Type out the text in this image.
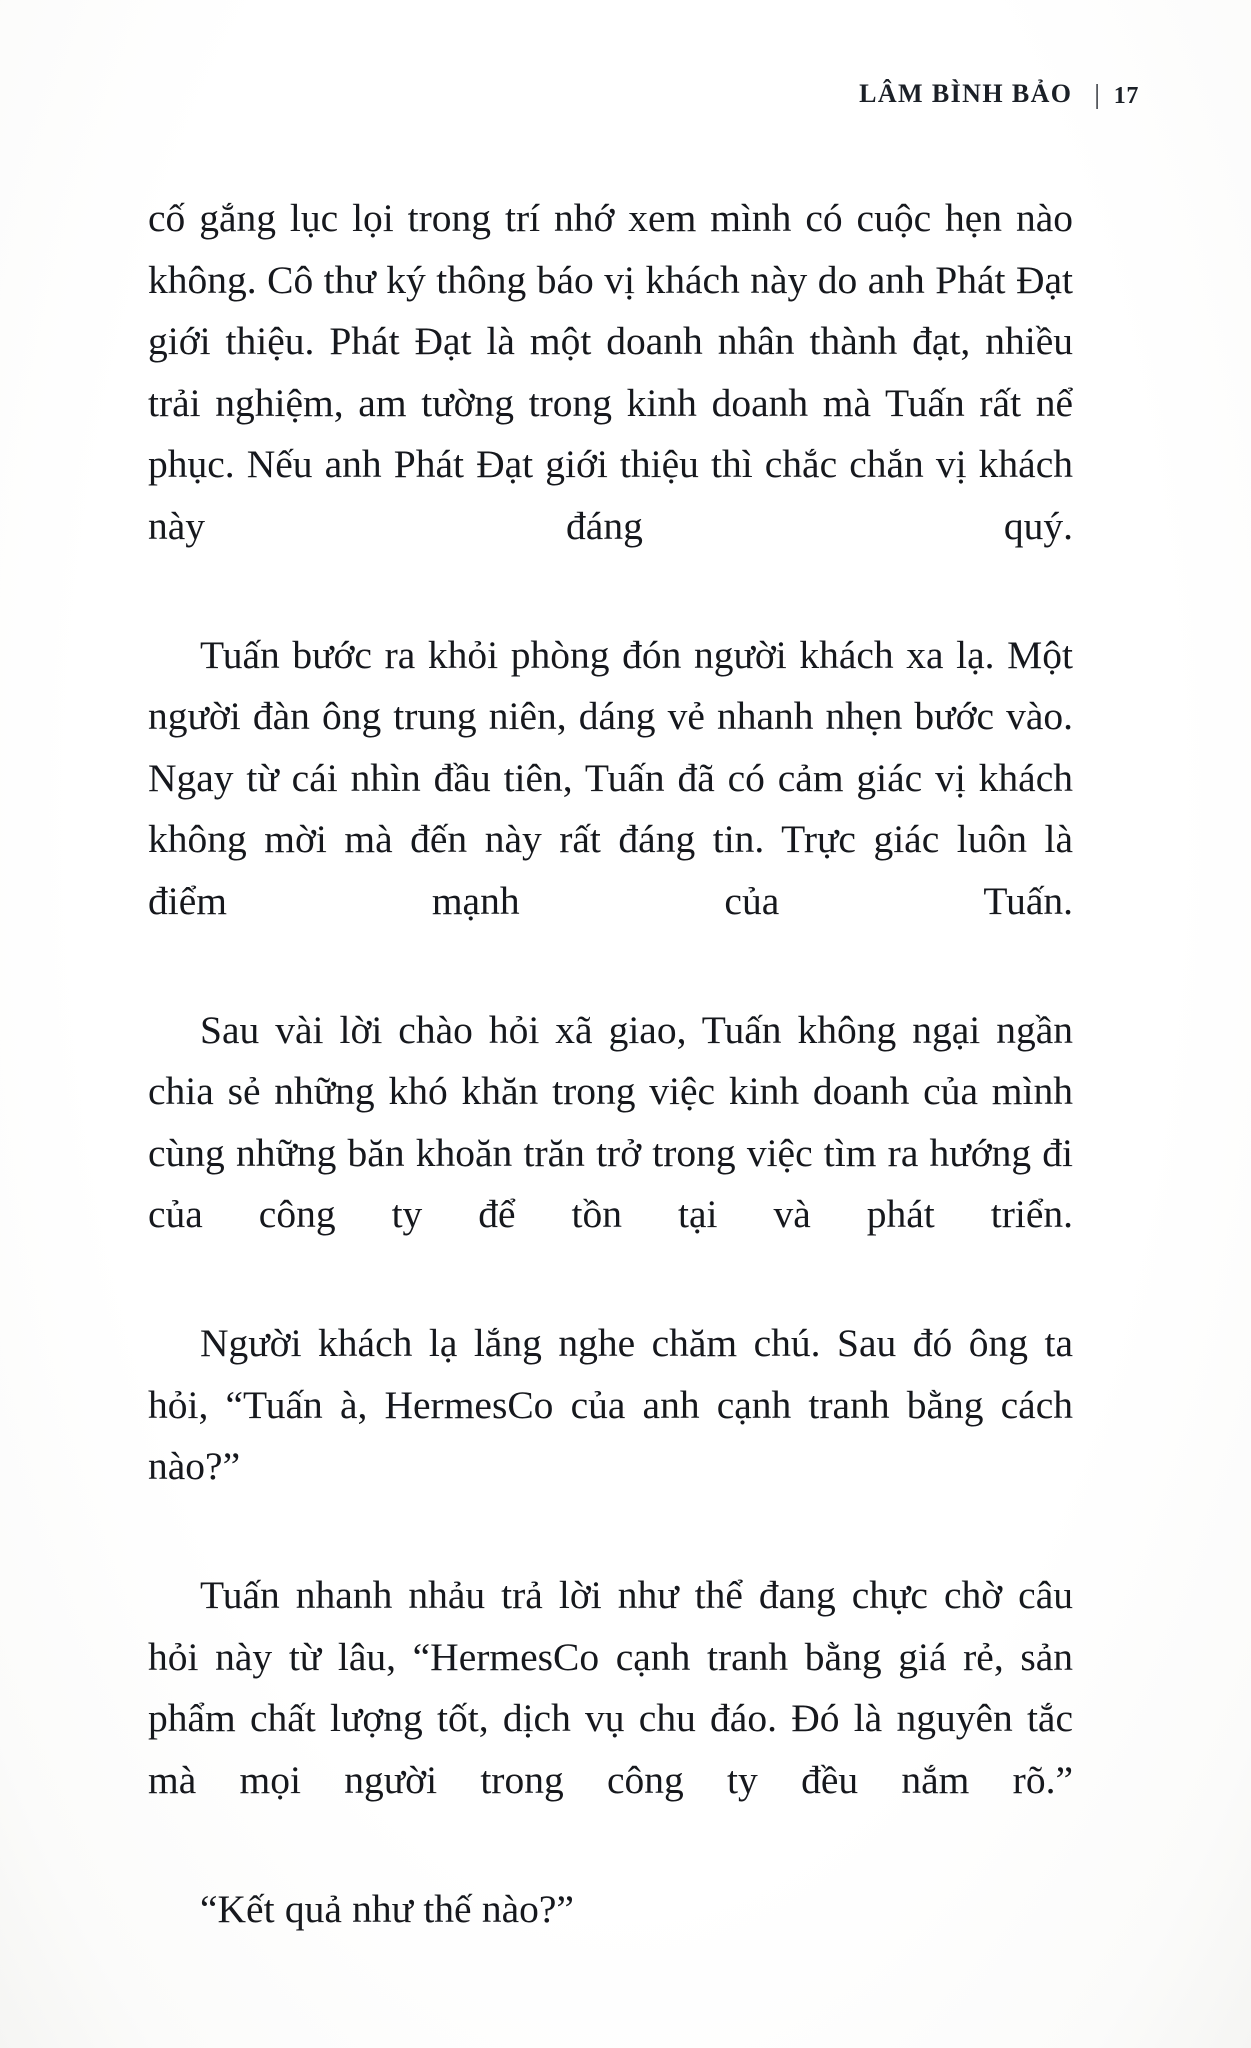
LÂM BÌNH BẢO | 17

cố gắng lục lọi trong trí nhớ xem mình có cuộc hẹn nào không. Cô thư ký thông báo vị khách này do anh Phát Đạt giới thiệu. Phát Đạt là một doanh nhân thành đạt, nhiều trải nghiệm, am tường trong kinh doanh mà Tuấn rất nể phục. Nếu anh Phát Đạt giới thiệu thì chắc chắn vị khách này đáng quý.

Tuấn bước ra khỏi phòng đón người khách xa lạ. Một người đàn ông trung niên, dáng vẻ nhanh nhẹn bước vào. Ngay từ cái nhìn đầu tiên, Tuấn đã có cảm giác vị khách không mời mà đến này rất đáng tin. Trực giác luôn là điểm mạnh của Tuấn.

Sau vài lời chào hỏi xã giao, Tuấn không ngại ngần chia sẻ những khó khăn trong việc kinh doanh của mình cùng những băn khoăn trăn trở trong việc tìm ra hướng đi của công ty để tồn tại và phát triển.

Người khách lạ lắng nghe chăm chú. Sau đó ông ta hỏi, “Tuấn à, HermesCo của anh cạnh tranh bằng cách nào?”

Tuấn nhanh nhảu trả lời như thể đang chực chờ câu hỏi này từ lâu, “HermesCo cạnh tranh bằng giá rẻ, sản phẩm chất lượng tốt, dịch vụ chu đáo. Đó là nguyên tắc mà mọi người trong công ty đều nắm rõ.”

“Kết quả như thế nào?”
